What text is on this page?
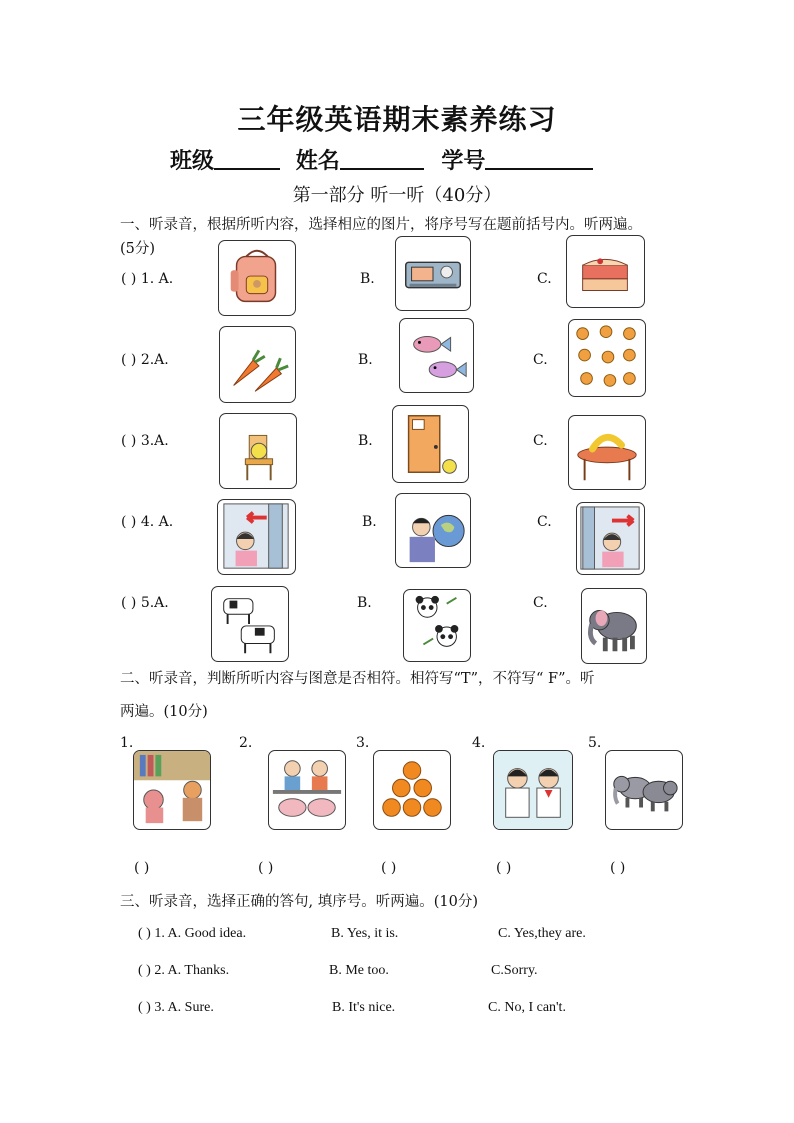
三年级英语期末素养练习
班级	姓名	学号
第一部分 听一听（40分）
一、听录音，根据所听内容，选择相应的图片，将序号写在题前括号内。听两遍。
(5分)
( ) 1. A.	B.	C.
( ) 2.A.	B.	C.
( ) 3.A.	B.	C.
( ) 4. A.	B.	C.
( ) 5.A.	B.	C.
二、听录音，判断所听内容与图意是否相符。相符写“T”，不符写“ F”。听
两遍。(10分)
1.	2.	3.	4.	5.
( )	( )	( )	( )	( )
三、听录音，选择正确的答句, 填序号。听两遍。(10分)
( ) 1. A. Good idea.	B. Yes, it is.	C. Yes,they are.
( ) 2. A. Thanks.	B. Me too.	C.Sorry.
( ) 3. A. Sure.	B. It's nice.	C. No, I can't.
